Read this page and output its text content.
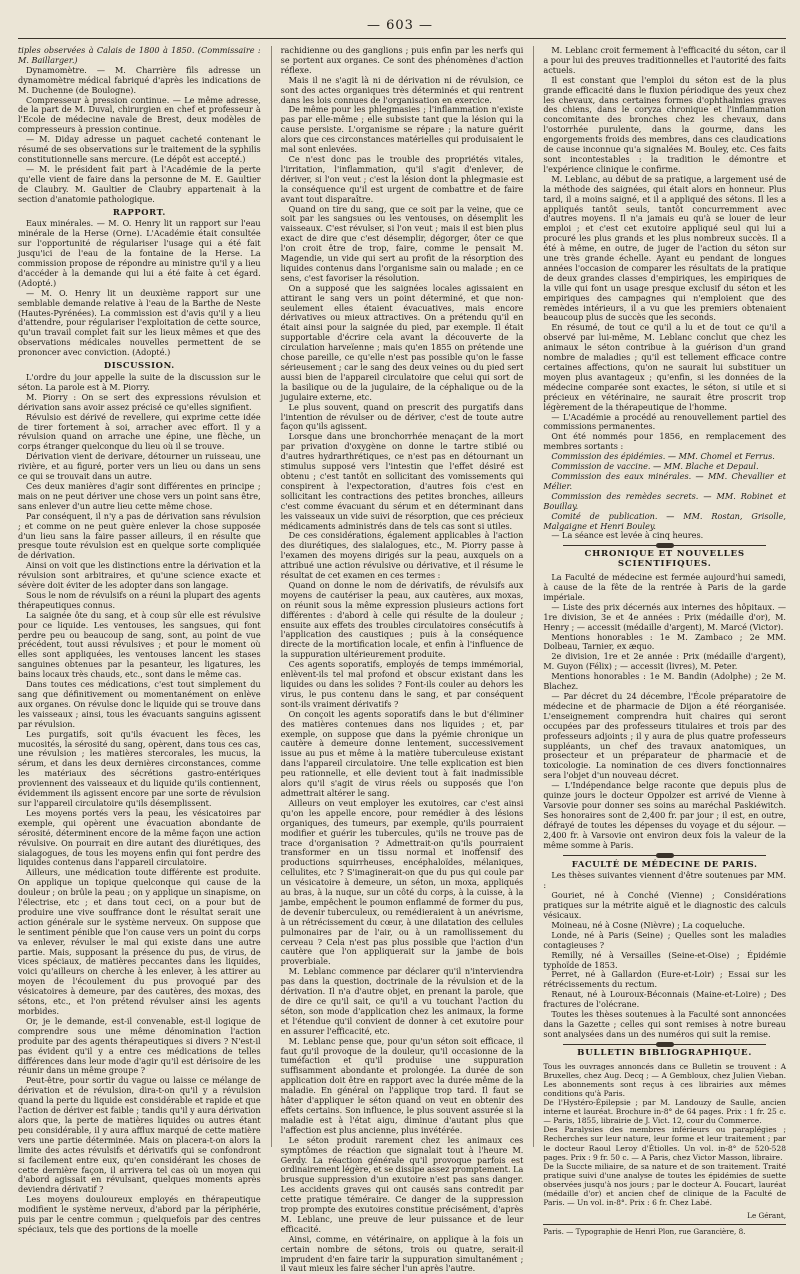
— 603 —

tiples observées à Calais de 1800 à 1850. (Commissaire : M. Baillarger.)

Dynamomètre. — M. Charrière fils adresse un dynamomètre médical fabriqué d'après les indications de M. Duchenne (de Boulogne).

Compresseur à pression continue. — Le même adresse, de la part de M. Duval, chirurgien en chef et professeur à l'Ecole de médecine navale de Brest, deux modèles de compresseurs à pression continue.

— M. Diday adresse un paquet cacheté contenant le résumé de ses observations sur le traitement de la syphilis constitutionnelle sans mercure. (Le dépôt est accepté.)

— M. le président fait part à l'Académie de la perte qu'elle vient de faire dans la personne de M. E. Gaultier de Claubry. M. Gaultier de Claubry appartenait à la section d'anatomie pathologique.

RAPPORT.

Eaux minérales. — M. O. Henry lit un rapport sur l'eau minérale de la Herse (Orne). L'Académie était consultée sur l'opportunité de régulariser l'usage qui a été fait jusqu'ici de l'eau de la fontaine de la Herse. La commission propose de répondre au ministre qu'il y a lieu d'accéder à la demande qui lui a été faite à cet égard. (Adopté.)

— M. O. Henry lit un deuxième rapport sur une semblable demande relative à l'eau de la Barthe de Neste (Hautes-Pyrénées). La commission est d'avis qu'il y a lieu d'attendre, pour régulariser l'exploitation de cette source, qu'un travail complet fait sur les lieux mêmes et que des observations médicales nouvelles permettent de se prononcer avec conviction. (Adopté.)

DISCUSSION.

L'ordre du jour appelle la suite de la discussion sur le séton. La parole est à M. Piorry.

M. Piorry : On se sert des expressions révulsion et dérivation sans avoir assez précisé ce qu'elles signifient.

Révulsio est dérivé de revellere, qui exprime cette idée de tirer fortement à soi, arracher avec effort. Il y a révulsion quand on arrache une épine, une flèche, un corps étranger quelconque du lieu où il se trouve.

Dérivation vient de derivare, détourner un ruisseau, une rivière, et au figuré, porter vers un lieu ou dans un sens ce qui se trouvait dans un autre.

Ces deux manières d'agir sont différentes en principe ; mais on ne peut dériver une chose vers un point sans être, sans enlever d'un autre lieu cette même chose.

Par conséquent, il n'y a pas de dérivation sans révulsion ; et comme on ne peut guère enlever la chose supposée d'un lieu sans la faire passer ailleurs, il en résulte que presque toute révulsion est en quelque sorte compliquée de dérivation.

Ainsi on voit que les distinctions entre la dérivation et la révulsion sont arbitraires, et qu'une science exacte et sévère doit éviter de les adopter dans son langage.

Sous le nom de révulsifs on a réuni la plupart des agents thérapeutiques connus.

La saignée ôte du sang, et à coup sûr elle est révulsive pour ce liquide. Les ventouses, les sangsues, qui font perdre peu ou beaucoup de sang, sont, au point de vue précédent, tout aussi révulsives ; et pour le moment où elles sont appliquées, les ventouses lancent les stases sanguines obtenues par la pesanteur, les ligatures, les bains locaux très chauds, etc., sont dans le même cas.

Dans toutes ces médications, c'est tout simplement du sang que définitivement ou momentanément on enlève aux organes. On révulse donc le liquide qui se trouve dans les vaisseaux ; ainsi, tous les évacuants sanguins agissent par révulsion.

Les purgatifs, soit qu'ils évacuent les fèces, les mucosités, la sérosité du sang, opèrent, dans tous ces cas, une révulsion ; les matières stercorales, les mucus, la sérum, et dans les deux dernières circonstances, comme les matériaux des sécrétions gastro-entériques proviennent des vaisseaux et du liquide qu'ils contiennent, évidemment ils agissent encore par une sorte de révulsion sur l'appareil circulatoire qu'ils désemplissent.

Les moyens portés vers la peau, les vésicatoires par exemple, qui opèrent une évacuation abondante de sérosité, déterminent encore de la même façon une action révulsive. On pourrait en dire autant des diurétiques, des sialagogues, de tous les moyens enfin qui font perdre des liquides contenus dans l'appareil circulatoire.

Ailleurs, une médication toute différente est produite. On applique un topique quelconque qui cause de la douleur ; on brûle la peau ; on y applique un sinapisme, on l'électrise, etc ; et dans tout ceci, on a pour but de produire une vive souffrance dont le résultat serait une action générale sur le système nerveux. On suppose que le sentiment pénible que l'on cause vers un point du corps va enlever, révulser le mal qui existe dans une autre partie. Mais, supposant la présence du pus, de virus, de vices spéciaux, de matières peccantes dans les liquides, voici qu'ailleurs on cherche à les enlever, à les attirer au moyen de l'écoulement du pus provoqué par des vésicatoires à demeure, par des cautères, des moxas, des sétons, etc., et l'on prétend révulser ainsi les agents morbides.

Or, je le demande, est-il convenable, est-il logique de comprendre sous une même dénomination l'action produite par des agents thérapeutiques si divers ? N'est-il pas évident qu'il y a entre ces médications de telles différences dans leur mode d'agir qu'il est dérisoire de les réunir dans un même groupe ?

Peut-être, pour sortir du vague ou laisse ce mélange de dérivation et de révulsion, dira-t-on qu'il y a révulsion quand la perte du liquide est considérable et rapide et que l'action de dériver est faible ; tandis qu'il y aura dérivation alors que, la perte de matières liquides ou autres étant peu considérable, il y aura afflux marqué de cette matière vers une partie déterminée. Mais on placera-t-on alors la limite des actes révulsifs et dérivatifs qui se confondront si facilement entre eux, qu'en considérant les choses de cette dernière façon, il arrivera tel cas où un moyen qui d'abord agissait en révulsant, quelques moments après deviendra dérivatif ?

Les moyens douloureux employés en thérapeutique modifient le système nerveux, d'abord par la périphérie, puis par le centre commun ; quelquefois par des centres spéciaux, tels que des portions de la moelle

rachidienne ou des ganglions ; puis enfin par les nerfs qui se portent aux organes. Ce sont des phénomènes d'action réflexe.

Mais il ne s'agit là ni de dérivation ni de révulsion, ce sont des actes organiques très déterminés et qui rentrent dans les lois connues de l'organisation en exercice.

De même pour les phlegmasies ; l'inflammation n'existe pas par elle-même ; elle subsiste tant que la lésion qui la cause persiste. L'organisme se répare ; la nature guérit alors que ces circonstances matérielles qui produisaient le mal sont enlevées.

Ce n'est donc pas le trouble des propriétés vitales, l'irritation, l'inflammation, qu'il s'agit d'enlever, de dériver, si l'on veut ; c'est la lésion dont la phlegmasie est la conséquence qu'il est urgent de combattre et de faire avant tout disparaître.

Quand on tire du sang, que ce soit par la veine, que ce soit par les sangsues ou les ventouses, on désemplit les vaisseaux. C'est révulser, si l'on veut ; mais il est bien plus exact de dire que c'est désemplir, dégorger, ôter ce que l'on croit être de trop, faire, comme le pensait M. Magendie, un vide qui sert au profit de la résorption des liquides contenus dans l'organisme sain ou malade ; en ce sens, c'est favoriser la résolution.

On a supposé que les saignées locales agissaient en attirant le sang vers un point déterminé, et que non-seulement elles étaient évacuatives, mais encore dérivatives ou mieux attractives. On a prétendu qu'il en était ainsi pour la saignée du pied, par exemple. Il était supportable d'écrire cela avant la découverte de la circulation harveïenne ; mais qu'en 1855 on prétende une chose pareille, ce qu'elle n'est pas possible qu'on le fasse sérieusement ; car le sang des deux veines ou du pied sert aussi bien de l'appareil circulatoire que celui qui sort de la basilique ou de la jugulaire, de la céphalique ou de la jugulaire externe, etc.

Le plus souvent, quand on prescrit des purgatifs dans l'intention de révulser ou de dériver, c'est de toute autre façon qu'ils agissent.

Lorsque dans une bronchorrhée menaçant de la mort par privation d'oxygène on donne le tartre stibié ou d'autres hydrarthrétiques, ce n'est pas en détournant un stimulus supposé vers l'intestin que l'effet désiré est obtenu ; c'est tantôt en sollicitant des vomissements qui conspirent à l'expectoration, d'autres fois c'est en sollicitant les contractions des petites bronches, ailleurs c'est comme évacuant du sérum et en déterminant dans les vaisseaux un vide suivi de résorption, que ces précieux médicaments administrés dans de tels cas sont si utiles.

De ces considérations, également applicables à l'action des diurétiques, des sialalogues, etc., M. Piorry passe à l'examen des moyens dirigés sur la peau, auxquels on a attribué une action révulsive ou dérivative, et il résume le résultat de cet examen en ces termes :

Quand on donne le nom de dérivatifs, de révulsifs aux moyens de cautériser la peau, aux cautères, aux moxas, on réunit sous la même expression plusieurs actions fort différentes : d'abord à celle qui résulte de la douleur ; ensuite aux effets des troubles circulatoires consécutifs à l'application des caustiques ; puis à la conséquence directe de la mortification locale, et enfin à l'influence de la suppuration ultérieurement produite.

Ces agents soporatifs, employés de temps immémorial, enlèvent-ils tel mal profond et obscur existant dans les liquides ou dans les solides ? Font-ils couler au dehors les virus, le pus contenu dans le sang, et par conséquent sont-ils vraiment dérivatifs ?

On conçoit les agents soporatifs dans le but d'éliminer des matières contenues dans nos liquides ; et, par exemple, on suppose que dans la pyémie chronique un cautère à demeure donne lentement, successivement issue au pus et même à la matière tuberculeuse existant dans l'appareil circulatoire. Une telle explication est bien peu rationnelle, et elle devient tout à fait inadmissible alors qu'il s'agit de virus réels ou supposés que l'on admettrait altérer le sang.

Ailleurs on veut employer les exutoires, car c'est ainsi qu'on les appelle encore, pour remédier à des lésions organiques, des tumeurs, par exemple, qu'ils pourraient modifier et guérir les tubercules, qu'ils ne trouve pas de trace d'organisation ? Admettrait-on qu'ils pourraient transformer en un tissu normal et inoffensif des productions squirrheuses, encéphaloïdes, mélaniques, cellulites, etc ? S'imaginerait-on que du pus qui coule par un vésicatoire à demeure, un séton, un moxa, appliqués au bras, à la nuque, sur un côté du corps, à la cuisse, à la jambe, empêchent le poumon enflammé de former du pus, de devenir tuberculeux, ou remédieraient à un anévrisme, à un rétrécissement du cœur, à une dilatation des cellules pulmonaires par de l'air, ou à un ramollissement du cerveau ? Cela n'est pas plus possible que l'action d'un cautère que l'on appliquerait sur la jambe de bois proverbiale.

M. Leblanc commence par déclarer qu'il n'interviendra pas dans la question, doctrinale de la révulsion et de la dérivation. Il n'a d'autre objet, en prenant la parole, que de dire ce qu'il sait, ce qu'il a vu touchant l'action du séton, son mode d'application chez les animaux, la forme et l'étendue qu'il convient de donner à cet exutoire pour en assurer l'efficacité, etc.

M. Leblanc pense que, pour qu'un séton soit efficace, il faut qu'il provoque de la douleur, qu'il occasionne de la tuméfaction et qu'il produise une suppuration suffisamment abondante et prolongée. La durée de son application doit être en rapport avec la durée même de la maladie. En général on l'applique trop tard. Il faut se hâter d'appliquer le séton quand on veut en obtenir des effets certains. Son influence, le plus souvent assurée si la maladie est à l'état aigu, diminue d'autant plus que l'affection est plus ancienne, plus invétérée.

Le séton produit rarement chez les animaux ces symptômes de réaction que signalait tout à l'heure M. Gerdy. La réaction générale qu'il provoque parfois est ordinairement légère, et se dissipe assez promptement. La brusque suppression d'un exutoire n'est pas sans danger. Les accidents graves qui ont causés sans contredit par cette pratique téméraire. Ce danger de la suppression trop prompte des exutoires constitue précisément, d'après M. Leblanc, une preuve de leur puissance et de leur efficacité.

Ainsi, comme, en vétérinaire, on applique à la fois un certain nombre de sétons, trois ou quatre, serait-il imprudent d'en faire tarir la suppuration simultanément ; il vaut mieux les faire sécher l'un après l'autre.

M. Leblanc croit fermement à l'efficacité du séton, car il a pour lui des preuves traditionnelles et l'autorité des faits actuels.

Il est constant que l'emploi du séton est de la plus grande efficacité dans le fluxion périodique des yeux chez les chevaux, dans certaines formes d'ophthalmies graves des chiens, dans le coryza chronique et l'inflammation concomitante des bronches chez les chevaux, dans l'ostorrhée purulente, dans la gourme, dans les engorgements froids des membres, dans ces claudications de cause inconnue qu'a signalées M. Bouley, etc. Ces faits sont incontestables : la tradition le démontre et l'expérience clinique le confirme.

M. Leblanc, au début de sa pratique, a largement usé de la méthode des saignées, qui était alors en honneur. Plus tard, il a moins saigné, et il a appliqué des sétons. Il les a appliqués tantôt seuls, tantôt concurremment avec d'autres moyens. Il n'a jamais eu qu'à se louer de leur emploi ; et c'est cet exutoire appliqué seul qui lui a procuré les plus grands et les plus nombreux succès. Il a été à même, en outre, de juger de l'action du séton sur une très grande échelle. Ayant eu pendant de longues années l'occasion de comparer les résultats de la pratique de deux grandes classes d'empiriques, les empiriques de la ville qui font un usage presque exclusif du séton et les empiriques des campagnes qui n'emploient que des remèdes intérieurs, il a vu que les premiers obtenaient beaucoup plus de succès que les seconds.

En résumé, de tout ce qu'il a lu et de tout ce qu'il a observé par lui-même, M. Leblanc conclut que chez les animaux le séton contribue à la guérison d'un grand nombre de maladies ; qu'il est tellement efficace contre certaines affections, qu'on ne saurait lui substituer un moyen plus avantageux ; qu'enfin, si les données de la médecine comparée sont exactes, le séton, si utile et si précieux en vétérinaire, ne saurait être proscrit trop légèrement de la thérapeutique de l'homme.

— L'Académie a procédé au renouvellement partiel des commissions permanentes.

Ont été nommés pour 1856, en remplacement des membres sortants :

Commission des épidémies. — MM. Chomel et Ferrus.

Commission de vaccine. — MM. Blache et Depaul.

Commission des eaux minérales. — MM. Chevallier et Mélier.

Commission des remèdes secrets. — MM. Robinet et Bouillay.

Comité de publication. — MM. Rostan, Grisolle, Malgaigne et Henri Bouley.

— La séance est levée à cinq heures.

CHRONIQUE ET NOUVELLES SCIENTIFIQUES.

La Faculté de médecine est fermée aujourd'hui samedi, à cause de la fête de la rentrée à Paris de la garde impériale.

— Liste des prix décernés aux internes des hôpitaux. — 1re division, 3e et 4e années : Prix (médaille d'or), M. Henry ; — accessit (médaille d'argent), M. Marcé (Victor).

Mentions honorables : 1e M. Zambaco ; 2e MM. Dolbeau, Tarnier, ex æquo.

2e division, 1re et 2e année : Prix (médaille d'argent), M. Guyon (Félix) ; — accessit (livres), M. Peter.

Mentions honorables : 1e M. Bandin (Adolphe) ; 2e M. Blachez.

— Par décret du 24 décembre, l'École préparatoire de médecine et de pharmacie de Dijon a été réorganisée. L'enseignement comprendra huit chaires qui seront occupées par des professeurs titulaires et trois par des professeurs adjoints ; il y aura de plus quatre professeurs suppléants, un chef des travaux anatomiques, un prosecteur et un préparateur de pharmacie et de toxicologie. La nomination de ces divers fonctionnaires sera l'objet d'un nouveau décret.

— L'Indépendance belge raconte que depuis plus de quinze jours le docteur Oppolzer est arrivé de Vienne à Varsovie pour donner ses soins au maréchal Paskiéwitch. Ses honoraires sont de 2,400 fr. par jour ; il est, en outre, défrayé de toutes les dépenses du voyage et du séjour. — 2,400 fr. à Varsovie ont environ deux fois la valeur de la même somme à Paris.

FACULTÉ DE MÉDECINE DE PARIS.

Les thèses suivantes viennent d'être soutenues par MM. :

Gouriet, né à Conché (Vienne) ; Considérations pratiques sur la métrite aiguë et le diagnostic des calculs vésicaux.

Moineau, né à Cosne (Nièvre) ; La coqueluche.

Londe, né à Paris (Seine) ; Quelles sont les maladies contagieuses ?

Remilly, né à Versailles (Seine-et-Oise) ; Épidémie typhoïde de 1853.

Perret, né à Gallardon (Eure-et-Loir) ; Essai sur les rétrécissements du rectum.

Renaut, né à Louroux-Béconnais (Maine-et-Loire) ; Des fractures de l'olécrane.

Toutes les thèses soutenues à la Faculté sont annoncées dans la Gazette ; celles qui sont remises à notre bureau sont analysées dans un des numéros qui suit la remise.

BULLETIN BIBLIOGRAPHIQUE.

Tous les ouvrages annoncés dans ce Bulletin se trouvent : A Bruxelles, chez Aug. Decq ; — A Gembloux, chez Julien Vieban. Les abonnements sont reçus à ces librairies aux mêmes conditions qu'à Paris.

De l'Hystéro-Épilepsie ; par M. Landouzy de Saulle, ancien interne et lauréat. Brochure in-8° de 64 pages. Prix : 1 fr. 25 c. — Paris, 1855, librairie de J. Vict. 12, cour du Commerce.

Des Paralysies des membres inférieurs ou paraplégies ; Recherches sur leur nature, leur forme et leur traitement ; par le docteur Raoul Leroy d'Étiolles. Un vol. in-8° de 520-528 pages. Prix : 9 fr. 50 c. — A Paris, chez Victor Masson, libraire.

De la Succte miliaire, de sa nature et de son traitement. Traité pratique suivi d'une analyse de toutes les épidémies de suette observées jusqu'à nos jours ; par le docteur A. Foucart, lauréat (médaille d'or) et ancien chef de clinique de la Faculté de Paris. — Un vol. in-8°. Prix : 6 fr. Chez Labé.

Le Gérant,
Paris. — Typographie de Henri Plon, rue Garancière, 8.
